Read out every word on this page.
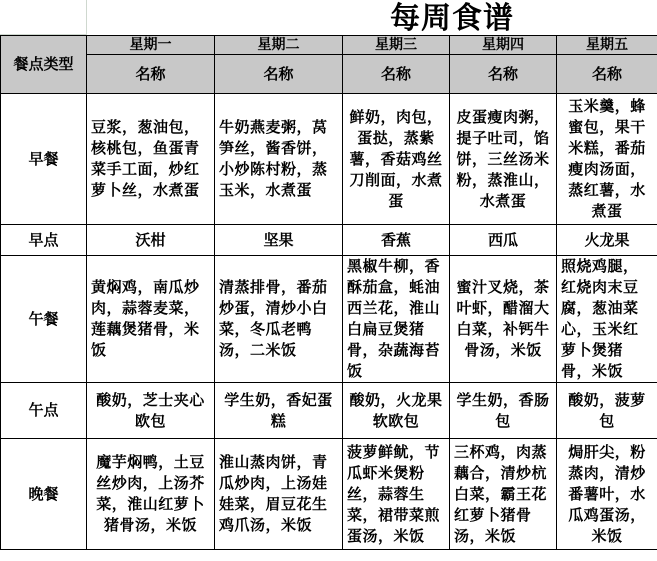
每周食谱
餐点类型	星期一	星期二	星期三	星期四	星期五
	名称	名称	名称	名称	名称
早餐	豆浆，葱油包，核桃包，鱼蛋青菜手工面，炒红萝卜丝，水煮蛋	牛奶燕麦粥，莴笋丝，酱香饼，小炒陈村粉，蒸玉米，水煮蛋	鲜奶，肉包，蛋挞，蒸紫薯，香菇鸡丝刀削面，水煮蛋	皮蛋瘦肉粥，提子吐司，馅饼，三丝汤米粉，蒸淮山，水煮蛋	玉米羹，蜂蜜包，果干米糕，番茄瘦肉汤面，蒸红薯，水煮蛋
早点	沃柑	坚果	香蕉	西瓜	火龙果
午餐	黄焖鸡，南瓜炒肉，蒜蓉麦菜，莲藕煲猪骨，米饭	清蒸排骨，番茄炒蛋，清炒小白菜，冬瓜老鸭汤，二米饭	黑椒牛柳，香酥茄盒，蚝油西兰花，淮山白扁豆煲猪骨，杂蔬海苔饭	蜜汁叉烧，茶叶虾，醋溜大白菜，补钙牛骨汤，米饭	照烧鸡腿，红烧肉末豆腐，葱油菜心，玉米红萝卜煲猪骨，米饭
午点	酸奶，芝士夹心欧包	学生奶，香妃蛋糕	酸奶，火龙果软欧包	学生奶，香肠包	酸奶，菠萝包
晚餐	魔芋焖鸭，土豆丝炒肉，上汤芥菜，淮山红萝卜猪骨汤，米饭	淮山蒸肉饼，青瓜炒肉，上汤娃娃菜，眉豆花生鸡爪汤，米饭	菠萝鲜鱿，节瓜虾米煲粉丝，蒜蓉生菜，裙带菜煎蛋汤，米饭	三杯鸡，肉蒸藕合，清炒杭白菜，霸王花红萝卜猪骨汤，米饭	焗肝尖，粉蒸肉，清炒番薯叶，水瓜鸡蛋汤，米饭
